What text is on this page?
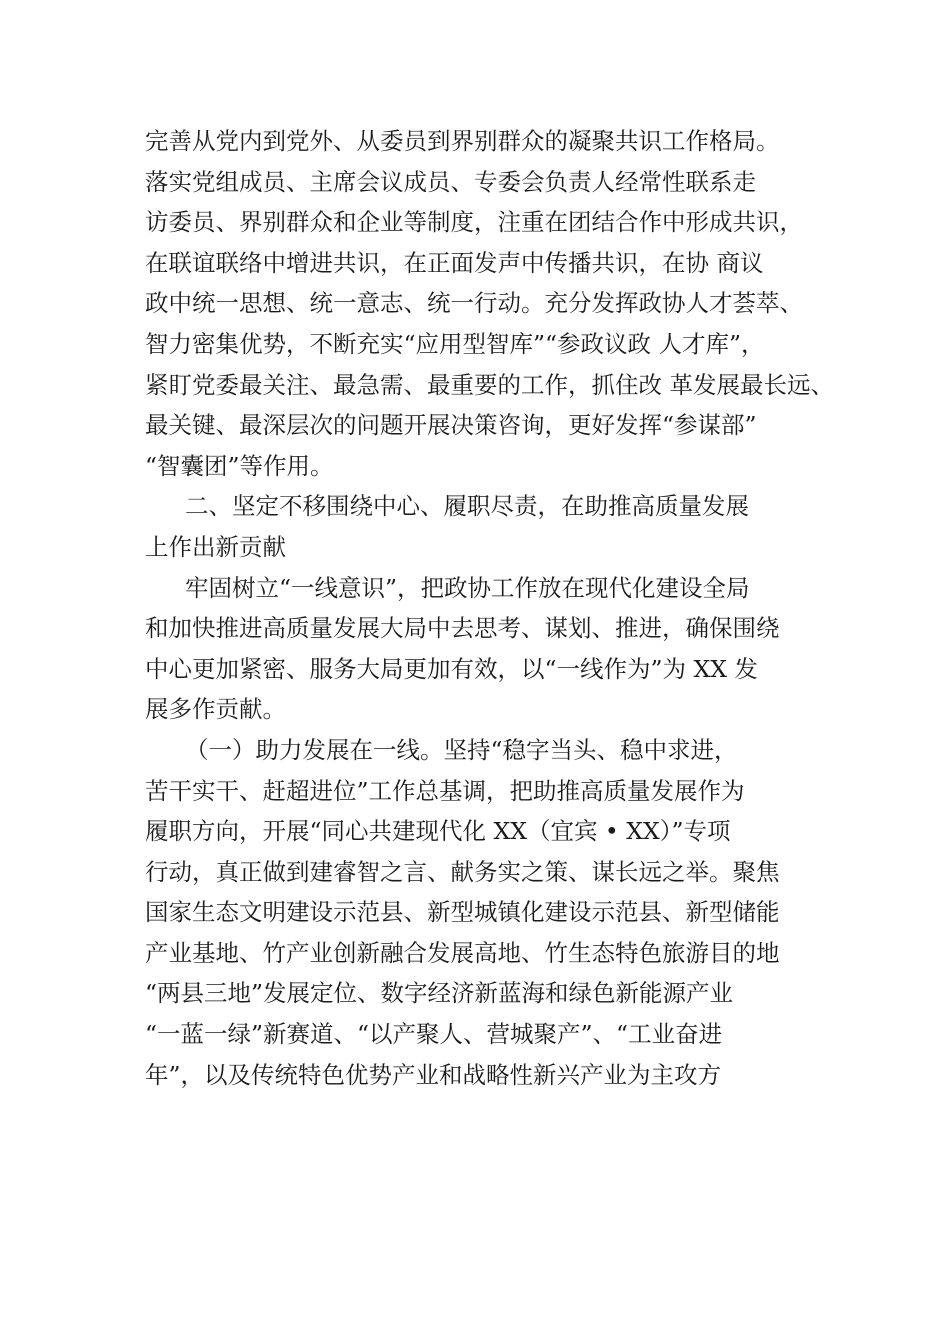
完善从党内到党外、从委员到界别群众的凝聚共识工作格局。
落实党组成员、主席会议成员、专委会负责人经常性联系走
访委员、界别群众和企业等制度，注重在团结合作中形成共识，
在联谊联络中增进共识，在正面发声中传播共识，在协 商议
政中统一思想、统一意志、统一行动。充分发挥政协人才荟萃、
智力密集优势，不断充实“应用型智库”“参政议政 人才库”，
紧盯党委最关注、最急需、最重要的工作，抓住改 革发展最长远、
最关键、最深层次的问题开展决策咨询，更好发挥“参谋部”
“智囊团”等作用。
二、坚定不移围绕中心、履职尽责，在助推高质量发展
上作出新贡献
牢固树立“一线意识”，把政协工作放在现代化建设全局
和加快推进高质量发展大局中去思考、谋划、推进，确保围绕
中心更加紧密、服务大局更加有效，以“一线作为”为 XX 发
展多作贡献。
（一）助力发展在一线。坚持“稳字当头、稳中求进，
苦干实干、赶超进位”工作总基调，把助推高质量发展作为
履职方向，开展“同心共建现代化 XX（宜宾 • XX）”专项
行动，真正做到建睿智之言、献务实之策、谋长远之举。聚焦
国家生态文明建设示范县、新型城镇化建设示范县、新型储能
产业基地、竹产业创新融合发展高地、竹生态特色旅游目的地
“两县三地”发展定位、数字经济新蓝海和绿色新能源产业
“一蓝一绿”新赛道、“以产聚人、营城聚产”、“工业奋进
年”，以及传统特色优势产业和战略性新兴产业为主攻方
